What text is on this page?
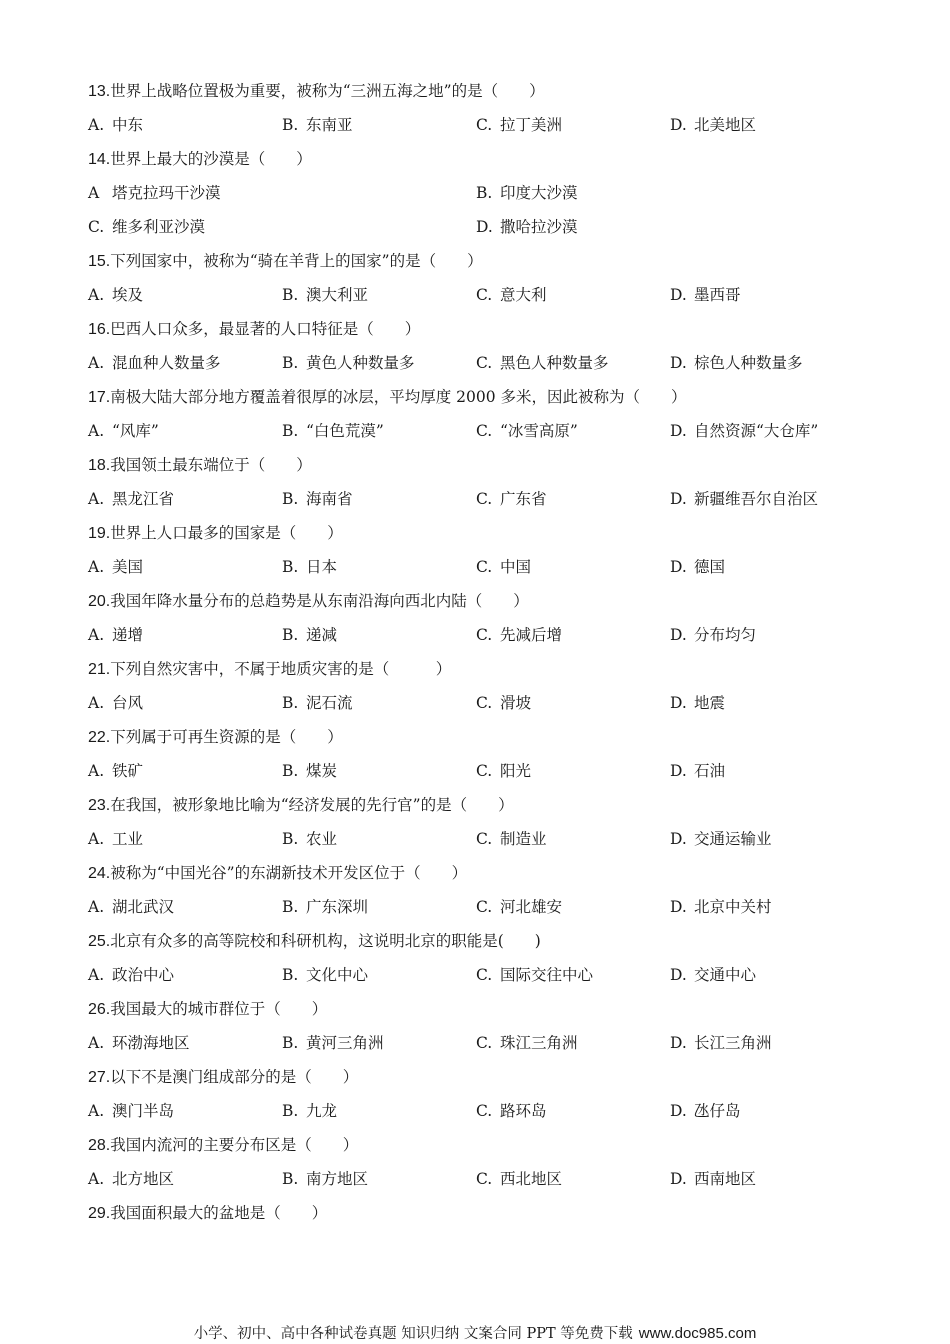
13.世界上战略位置极为重要，被称为“三洲五海之地”的是（　　）
A. 中东	B. 东南亚	C. 拉丁美洲	D. 北美地区
14.世界上最大的沙漠是（　　）
A 塔克拉玛干沙漠	B. 印度大沙漠
C. 维多利亚沙漠	D. 撒哈拉沙漠
15.下列国家中，被称为“骑在羊背上的国家”的是（　　）
A. 埃及	B. 澳大利亚	C. 意大利	D. 墨西哥
16.巴西人口众多，最显著的人口特征是（　　）
A. 混血种人数量多	B. 黄色人种数量多	C. 黑色人种数量多	D. 棕色人种数量多
17.南极大陆大部分地方覆盖着很厚的冰层，平均厚度 2000 多米，因此被称为（　　）
A. “风库”	B. “白色荒漠”	C. “冰雪高原”	D. 自然资源“大仓库”
18.我国领土最东端位于（　　）
A. 黑龙江省	B. 海南省	C. 广东省	D. 新疆维吾尔自治区
19.世界上人口最多的国家是（　　）
A. 美国	B. 日本	C. 中国	D. 德国
20.我国年降水量分布的总趋势是从东南沿海向西北内陆（　　）
A. 递增	B. 递减	C. 先减后增	D. 分布均匀
21.下列自然灾害中，不属于地质灾害的是（　　　）
A. 台风	B. 泥石流	C. 滑坡	D. 地震
22.下列属于可再生资源的是（　　）
A. 铁矿	B. 煤炭	C. 阳光	D. 石油
23.在我国，被形象地比喻为“经济发展的先行官”的是（　　）
A. 工业	B. 农业	C. 制造业	D. 交通运输业
24.被称为“中国光谷”的东湖新技术开发区位于（　　）
A. 湖北武汉	B. 广东深圳	C. 河北雄安	D. 北京中关村
25.北京有众多的高等院校和科研机构，这说明北京的职能是(　　)
A. 政治中心	B. 文化中心	C. 国际交往中心	D. 交通中心
26.我国最大的城市群位于（　　）
A. 环渤海地区	B. 黄河三角洲	C. 珠江三角洲	D. 长江三角洲
27.以下不是澳门组成部分的是（　　）
A. 澳门半岛	B. 九龙	C. 路环岛	D. 氹仔岛
28.我国内流河的主要分布区是（　　）
A. 北方地区	B. 南方地区	C. 西北地区	D. 西南地区
29.我国面积最大的盆地是（　　）
小学、初中、高中各种试卷真题 知识归纳 文案合同 PPT 等免费下载 www.doc985.com
